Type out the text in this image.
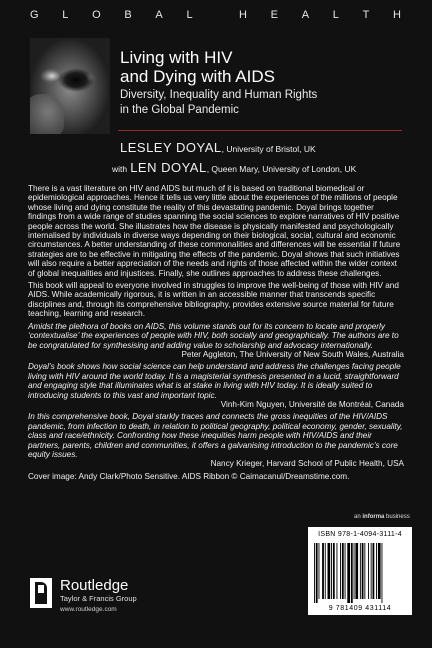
G L O B A L	H E A L T H
Living with HIV
and Dying with AIDS
Diversity, Inequality and Human Rights
in the Global Pandemic
LESLEY DOYAL, University of Bristol, UK
with LEN DOYAL, Queen Mary, University of London, UK

There is a vast literature on HIV and AIDS but much of it is based on traditional biomedical or epidemiological approaches. Hence it tells us very little about the experiences of the millions of people whose living and dying constitute the reality of this devastating pandemic. Doyal brings together findings from a wide range of studies spanning the social sciences to explore narratives of HIV positive people across the world. She illustrates how the disease is physically manifested and psychologically internalised by individuals in diverse ways depending on their biological, social, cultural and economic circumstances. A better understanding of these commonalities and differences will be essential if future strategies are to be effective in mitigating the effects of the pandemic. Doyal shows that such initiatives will also require a better appreciation of the needs and rights of those affected within the wider context of global inequalities and injustices. Finally, she outlines approaches to address these challenges.

This book will appeal to everyone involved in struggles to improve the well-being of those with HIV and AIDS. While academically rigorous, it is written in an accessible manner that transcends specific disciplines and, through its comprehensive bibliography, provides extensive source material for future teaching, learning and research.

Amidst the plethora of books on AIDS, this volume stands out for its concern to locate and properly ‘contextualise’ the experiences of people with HIV, both socially and geographically. The authors are to be congratulated for synthesising and adding value to scholarship and advocacy internationally.

Peter Aggleton, The University of New South Wales, Australia

Doyal’s book shows how social science can help understand and address the challenges facing people living with HIV around the world today. It is a magisterial synthesis presented in a lucid, straightforward and engaging style that illuminates what is at stake in living with HIV today. It is ideally suited to introducing students to this vast and important topic.

Vinh-Kim Nguyen, Université de Montréal, Canada

In this comprehensive book, Doyal starkly traces and connects the gross inequities of the HIV/AIDS pandemic, from infection to death, in relation to political geography, political economy, gender, sexuality, class and race/ethnicity. Confronting how these inequities harm people with HIV/AIDS and their partners, parents, children and communities, it offers a galvanising introduction to the pandemic’s core equity issues.

Nancy Krieger, Harvard School of Public Health, USA

Cover image: Andy Clark/Photo Sensitive. AIDS Ribbon © Caimacanul/Dreamstime.com.

an informa business
Routledge
Taylor & Francis Group
www.routledge.com
ISBN 978-1-4094-3111-4
9 781409 431114
